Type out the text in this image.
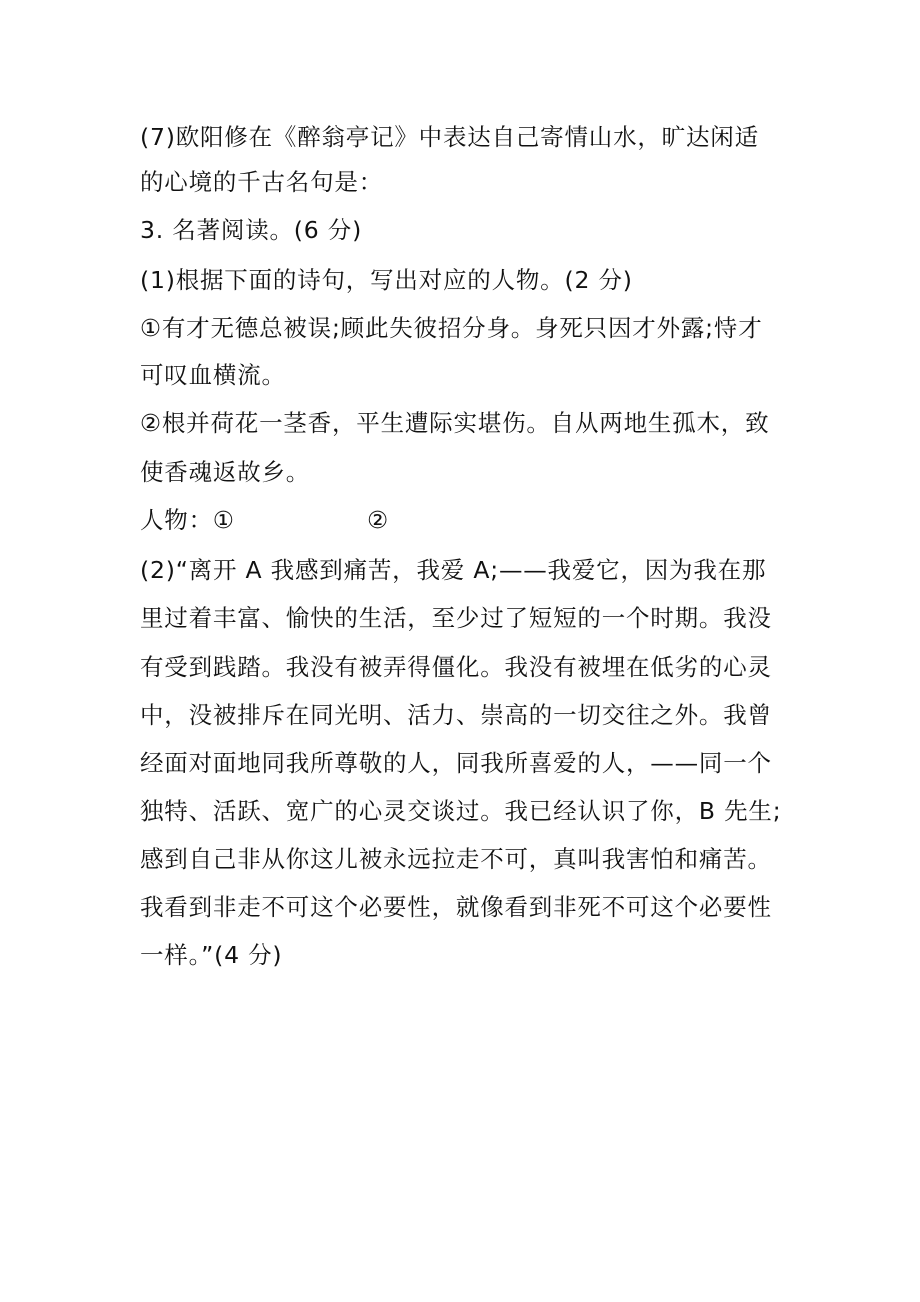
(7)欧阳修在《醉翁亭记》中表达自己寄情山水，旷达闲适
的心境的千古名句是：
3. 名著阅读。(6 分)
(1)根据下面的诗句，写出对应的人物。(2 分)
①有才无德总被误;顾此失彼招分身。身死只因才外露;恃才
可叹血横流。
②根并荷花一茎香，平生遭际实堪伤。自从两地生孤木，致
使香魂返故乡。
人物：①                ②
(2)“离开 A 我感到痛苦，我爱 A;——我爱它，因为我在那
里过着丰富、愉快的生活，至少过了短短的一个时期。我没
有受到践踏。我没有被弄得僵化。我没有被埋在低劣的心灵
中，没被排斥在同光明、活力、崇高的一切交往之外。我曾
经面对面地同我所尊敬的人，同我所喜爱的人，——同一个
独特、活跃、宽广的心灵交谈过。我已经认识了你，B 先生;
感到自己非从你这儿被永远拉走不可，真叫我害怕和痛苦。
我看到非走不可这个必要性，就像看到非死不可这个必要性
一样。”(4 分)
